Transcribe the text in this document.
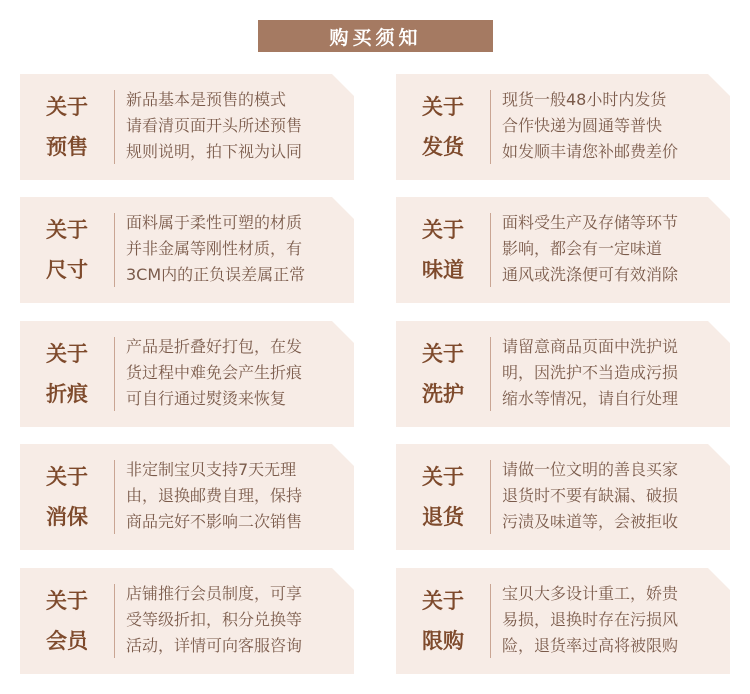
购买须知
关于
预售
新品基本是预售的模式
请看清页面开头所述预售
规则说明，拍下视为认同
关于
发货
现货一般48小时内发货
合作快递为圆通等普快
如发顺丰请您补邮费差价
关于
尺寸
面料属于柔性可塑的材质
并非金属等刚性材质，有
3CM内的正负误差属正常
关于
味道
面料受生产及存储等环节
影响，都会有一定味道
通风或洗涤便可有效消除
关于
折痕
产品是折叠好打包，在发
货过程中难免会产生折痕
可自行通过熨烫来恢复
关于
洗护
请留意商品页面中洗护说
明，因洗护不当造成污损
缩水等情况，请自行处理
关于
消保
非定制宝贝支持7天无理
由，退换邮费自理，保持
商品完好不影响二次销售
关于
退货
请做一位文明的善良买家
退货时不要有缺漏、破损
污渍及味道等，会被拒收
关于
会员
店铺推行会员制度，可享
受等级折扣，积分兑换等
活动，详情可向客服咨询
关于
限购
宝贝大多设计重工，娇贵
易损，退换时存在污损风
险，退货率过高将被限购
